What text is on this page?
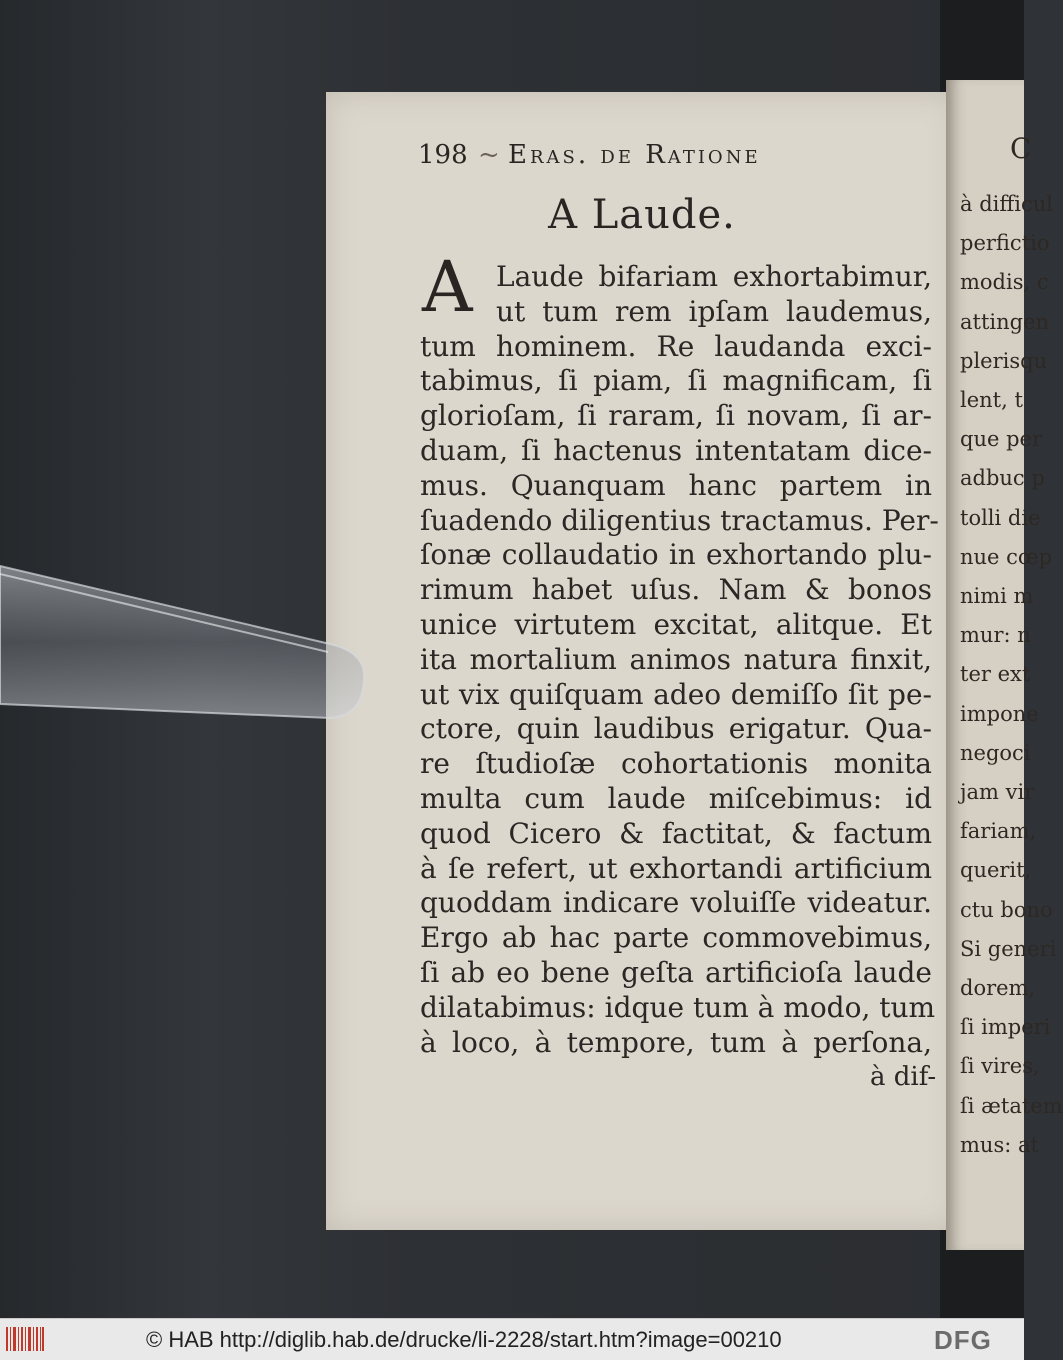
198 ~ Eras. de Ratione
A Laude.
A Laude bifariam exhortabimur,
ut tum rem ipſam laudemus,
tum hominem. Re laudanda exci-
tabimus, ſi piam, ſi magnificam, ſi
glorioſam, ſi raram, ſi novam, ſi ar-
duam, ſi hactenus intentatam dice-
mus. Quanquam hanc partem in
ſuadendo diligentius tractamus. Per-
ſonæ collaudatio in exhortando plu-
rimum habet uſus. Nam & bonos
unice virtutem excitat, alitque. Et
ita mortalium animos natura finxit,
ut vix quiſquam adeo demiſſo ſit pe-
ctore, quin laudibus erigatur. Qua-
re ſtudioſæ cohortationis monita
multa cum laude miſcebimus: id
quod Cicero & factitat, & factum
à ſe refert, ut exhortandi artificium
quoddam indicare voluiſſe videatur.
Ergo ab hac parte commovebimus,
ſi ab eo bene geſta artificioſa laude
dilatabimus: idque tum à modo, tum
à loco, à tempore, tum à perſona,
à dif-
C
à difficul
perfictio
modis, c
attingen
plerisqu
lent, t
que per
adbuc p
tolli die
nue cœp
nimi m
mur: n
ter ext
impone
negoci
jam vir
fariam,
querit,
ctu bono
Si generi
dorem,
ſi imperi
ſi vires,
ſi ætatem
mus: at
© HAB http://diglib.hab.de/drucke/li-2228/start.htm?image=00210	DFG
